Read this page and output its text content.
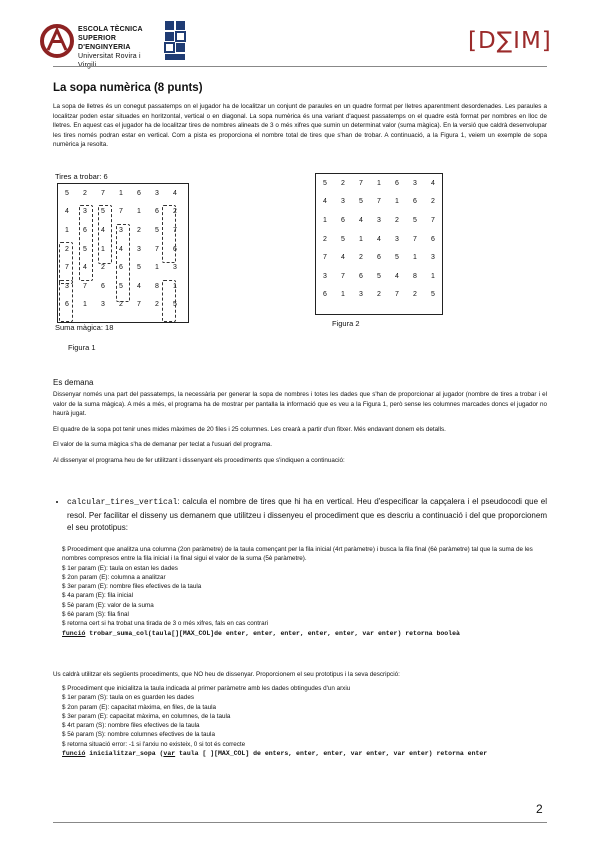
ESCOLA TÈCNICA SUPERIOR
D'ENGINYERIA
Universitat Rovira i Virgili
[D∑IM]
La sopa numèrica (8 punts)

La sopa de lletres és un conegut passatemps on el jugador ha de localitzar un conjunt de paraules en un quadre format per lletres aparentment desordenades. Les paraules a localitzar poden estar situades en horitzontal, vertical o en diagonal. La sopa numèrica és una variant d'aquest passatemps on el quadre està format per nombres en lloc de lletres. En aquest cas el jugador ha de localitzar tires de nombres alineats de 3 o més xifres que sumin un determinat valor (suma màgica). En la versió que caldrà desenvolupar les tires només podran estar en vertical. Com a pista es proporciona el nombre total de tires que s'han de trobar. A continuació, a la Figura 1, veiem un exemple de sopa numèrica ja resolta.

Tires a trobar: 6
5	2	7	1	6	3	4
4	3	5	7	1	6	2
1	6	4	3	2	5	7
2	5	1	4	3	7	6
7	4	2	6	5	1	3
3	7	6	5	4	8	1
6	1	3	2	7	2	5
Suma màgica: 18
Figura 1
5	2	7	1	6	3	4
4	3	5	7	1	6	2
1	6	4	3	2	5	7
2	5	1	4	3	7	6
7	4	2	6	5	1	3
3	7	6	5	4	8	1
6	1	3	2	7	2	5
Figura 2
Es demana

Dissenyar només una part del passatemps, la necessària per generar la sopa de nombres i totes les dades que s'han de proporcionar al jugador (nombre de tires a trobar i el valor de la suma màgica). A més a més, el programa ha de mostrar per pantalla la informació que es veu a la Figura 1, però sense les columnes marcades doncs el jugador no haurà jugat.

El quadre de la sopa pot tenir unes mides màximes de 20 files i 25 columnes. Les crearà a partir d'un fitxer. Més endavant donem els detalls.

El valor de la suma màgica s'ha de demanar per teclat a l'usuari del programa.

Al dissenyar el programa heu de fer utilitzant i dissenyant els procediments que s'indiquen a continuació:

• calcular_tires_vertical: calcula el nombre de tires que hi ha en vertical. Heu d'especificar la capçalera i el pseudocodi que el resol. Per facilitar el disseny us demanem que utilitzeu i dissenyeu el procediment que es descriu a continuació i del que proporcionem el seu prototipus:
$ Procediment que analitza una columna (2on paràmetre) de la taula començant per la fila inicial (4rt paràmetre) i busca la fila final (6è paràmetre) tal que la suma de les nombres compresos entre la fila inicial i la final sigui el valor de la suma (5è paràmetre).
$ 1er param (E): taula on estan les dades
$ 2on param (E): columna a analitzar
$ 3er param (E): nombre files efectives de la taula
$ 4a param (E): fila inicial
$ 5è param (E): valor de la suma
$ 6è param (S): fila final
$ retorna cert si ha trobat una tirada de 3 o més xifres, fals en cas contrari
funció trobar_suma_col(taula[][MAX_COL]de enter, enter, enter, enter, enter, var enter) retorna booleà

Us caldrà utilitzar els següents procediments, que NO heu de dissenyar. Proporcionem el seu prototipus i la seva descripció:

$ Procediment que inicialitza la taula indicada al primer paràmetre amb les dades obtingudes d'un arxiu
$ 1er param (S): taula on es guarden les dades
$ 2on param (E): capacitat màxima, en files, de la taula
$ 3er param (E): capacitat màxima, en columnes, de la taula
$ 4rt param (S): nombre files efectives de la taula
$ 5è param (S): nombre columnes efectives de la taula
$ retorna situació error: -1 si l'arxiu no existeix, 0 si tot és correcte
funció inicialitzar_sopa (var taula [ ][MAX_COL] de enters, enter, enter, var enter, var enter) retorna enter
2
